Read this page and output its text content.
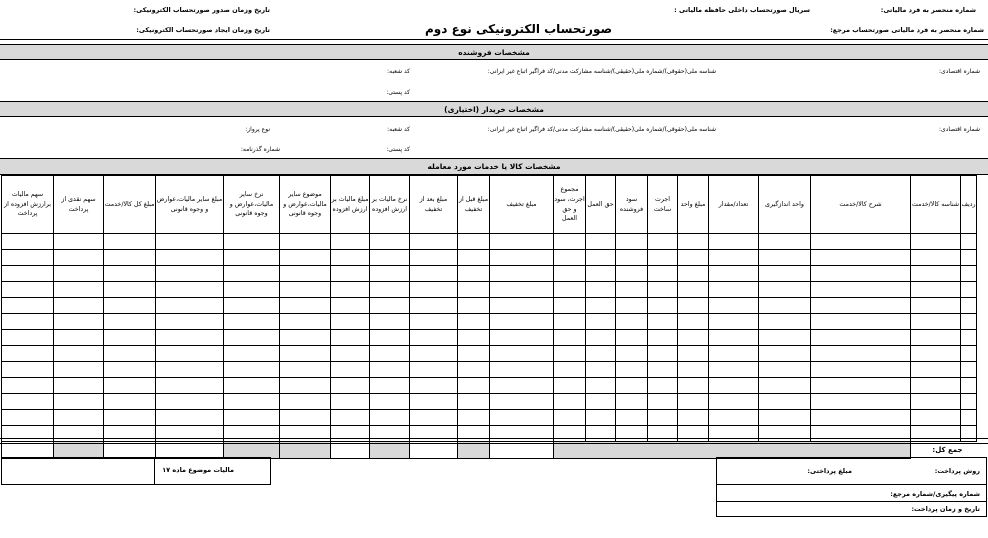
شماره منحصر به فرد مالیاتی:
سریال صورتحساب داخلی حافظه مالیاتی :
تاریخ وزمان صدور صورتحساب الکترونیکی:
صورتحساب الکترونیکی نوع دوم	شماره منحصر به فرد مالیاتی صورتحساب مرجع:
تاریخ وزمان ایجاد صورتحساب الکترونیکی:
مشخصات فروشنده
شماره اقتصادی:
شناسه ملی(حقوقی)/شماره ملی(حقیقی)/شناسه مشارکت مدنی/کد فراگیر اتباع غیر ایرانی:
کد شعبه:
کد پستی:
مشخصات خریدار (اختیاری)
شماره اقتصادی:
شناسه ملی(حقوقی)/شماره ملی(حقیقی)/شناسه مشارکت مدنی/کد فراگیر اتباع غیر ایرانی:
کد شعبه:
نوع پرواز:
کد پستی:
شماره گذرنامه:
مشخصات کالا یا خدمات مورد معامله
سهم مالیات برارزش افزوده از پرداخت	سهم نقدی از پرداخت	مبلغ کل کالا/خدمت	مبلغ سایر مالیات،عوارض و وجوه قانونی	نرخ سایر مالیات،عوارض و وجوه قانونی	موضوع سایر مالیات،عوارض و وجوه قانونی	مبلغ مالیات بر ارزش افزوده	نرخ مالیات بر ارزش افزوده	مبلغ بعد از تخفیف	مبلغ قبل از تخفیف	مبلغ تخفیف	مجموع اجرت، سود و حق العمل	حق العمل	سود فروشنده	اجرت ساخت	مبلغ واحد	تعداد/مقدار	واحد اندازگیری	شرح کالا/خدمت	شناسه کالا/خدمت	ردیف

																			جمع کل:	
مالیات موضوع ماده ۱۷	روش پرداخت:
مبلغ پرداختی:
شماره پیگیری/شماره مرجع:
تاریخ و زمان پرداخت:
